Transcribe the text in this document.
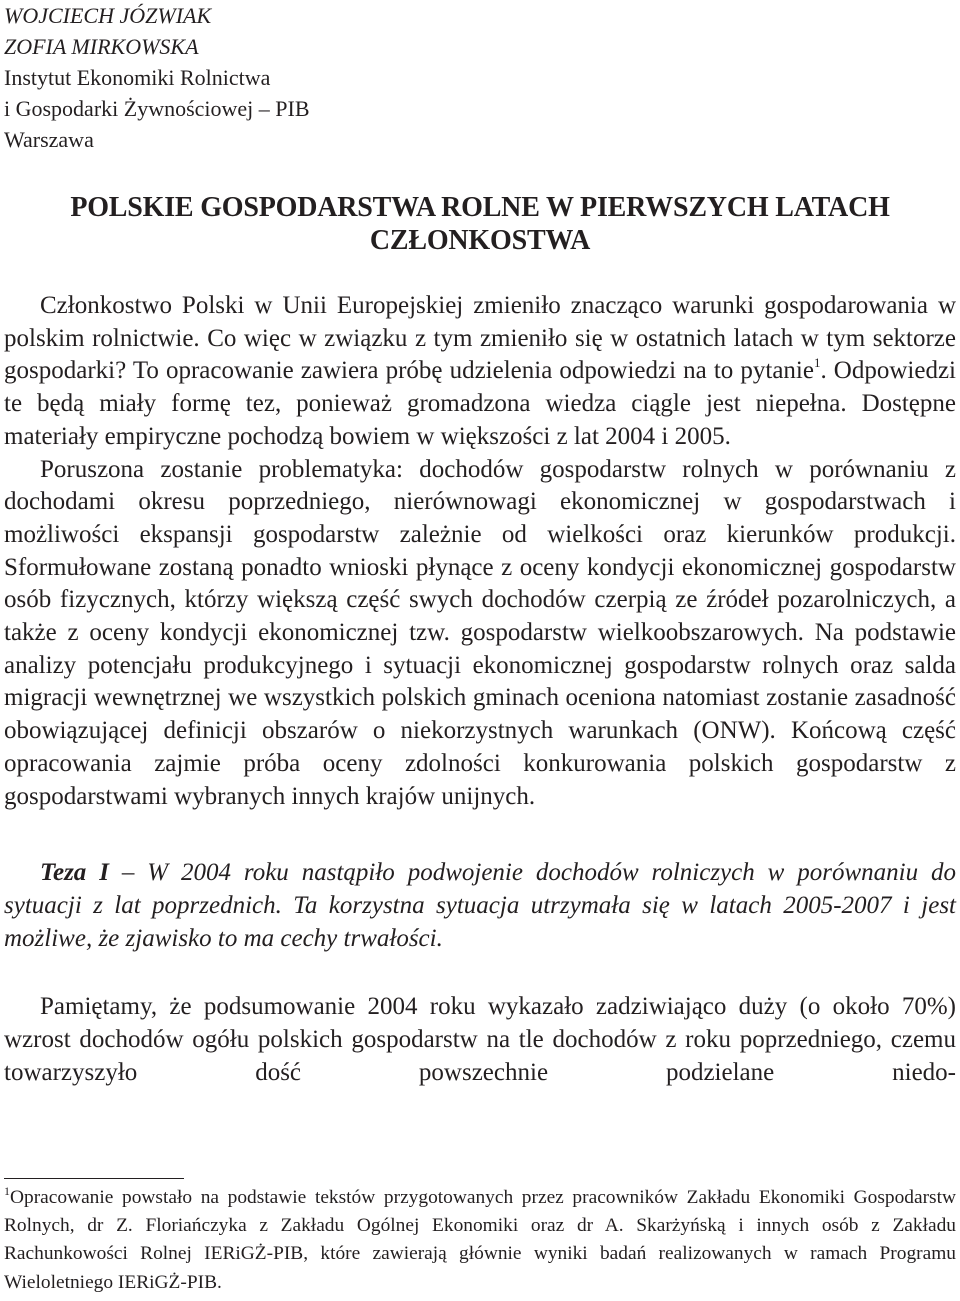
WOJCIECH JÓZWIAK
ZOFIA MIRKOWSKA
Instytut Ekonomiki Rolnictwa
i Gospodarki Żywnościowej – PIB
Warszawa
POLSKIE GOSPODARSTWA ROLNE W PIERWSZYCH LATACH
CZŁONKOSTWA

Członkostwo Polski w Unii Europejskiej zmieniło znacząco warunki gospodarowania w polskim rolnictwie. Co więc w związku z tym zmieniło się w ostatnich latach w tym sektorze gospodarki? To opracowanie zawiera próbę udzielenia odpowiedzi na to pytanie$^1$. Odpowiedzi te będą miały formę tez, ponieważ gromadzona wiedza ciągle jest niepełna. Dostępne materiały empiryczne pochodzą bowiem w większości z lat 2004 i 2005.

Poruszona zostanie problematyka: dochodów gospodarstw rolnych w porównaniu z dochodami okresu poprzedniego, nierównowagi ekonomicznej w gospodarstwach i możliwości ekspansji gospodarstw zależnie od wielkości oraz kierunków produkcji. Sformułowane zostaną ponadto wnioski płynące z oceny kondycji ekonomicznej gospodarstw osób fizycznych, którzy większą część swych dochodów czerpią ze źródeł pozarolniczych, a także z oceny kondycji ekonomicznej tzw. gospodarstw wielkoobszarowych. Na podstawie analizy potencjału produkcyjnego i sytuacji ekonomicznej gospodarstw rolnych oraz salda migracji wewnętrznej we wszystkich polskich gminach oceniona natomiast zostanie zasadność obowiązującej definicji obszarów o niekorzystnych warunkach (ONW). Końcową część opracowania zajmie próba oceny zdolności konkurowania polskich gospodarstw z gospodarstwami wybranych innych krajów unijnych.

Teza I – W 2004 roku nastąpiło podwojenie dochodów rolniczych w porównaniu do sytuacji z lat poprzednich. Ta korzystna sytuacja utrzymała się w latach 2005-2007 i jest możliwe, że zjawisko to ma cechy trwałości.

Pamiętamy, że podsumowanie 2004 roku wykazało zadziwiająco duży (o około 70%) wzrost dochodów ogółu polskich gospodarstw na tle dochodów z roku poprzedniego, czemu towarzyszyło dość powszechnie podzielane niedo-

$^1$Opracowanie powstało na podstawie tekstów przygotowanych przez pracowników Zakładu Ekonomiki Gospodarstw Rolnych, dr Z. Floriańczyka z Zakładu Ogólnej Ekonomiki oraz dr A. Skarżyńską i innych osób z Zakładu Rachunkowości Rolnej IERiGŻ-PIB, które zawierają głównie wyniki badań realizowanych w ramach Programu Wieloletniego IERiGŻ-PIB.
